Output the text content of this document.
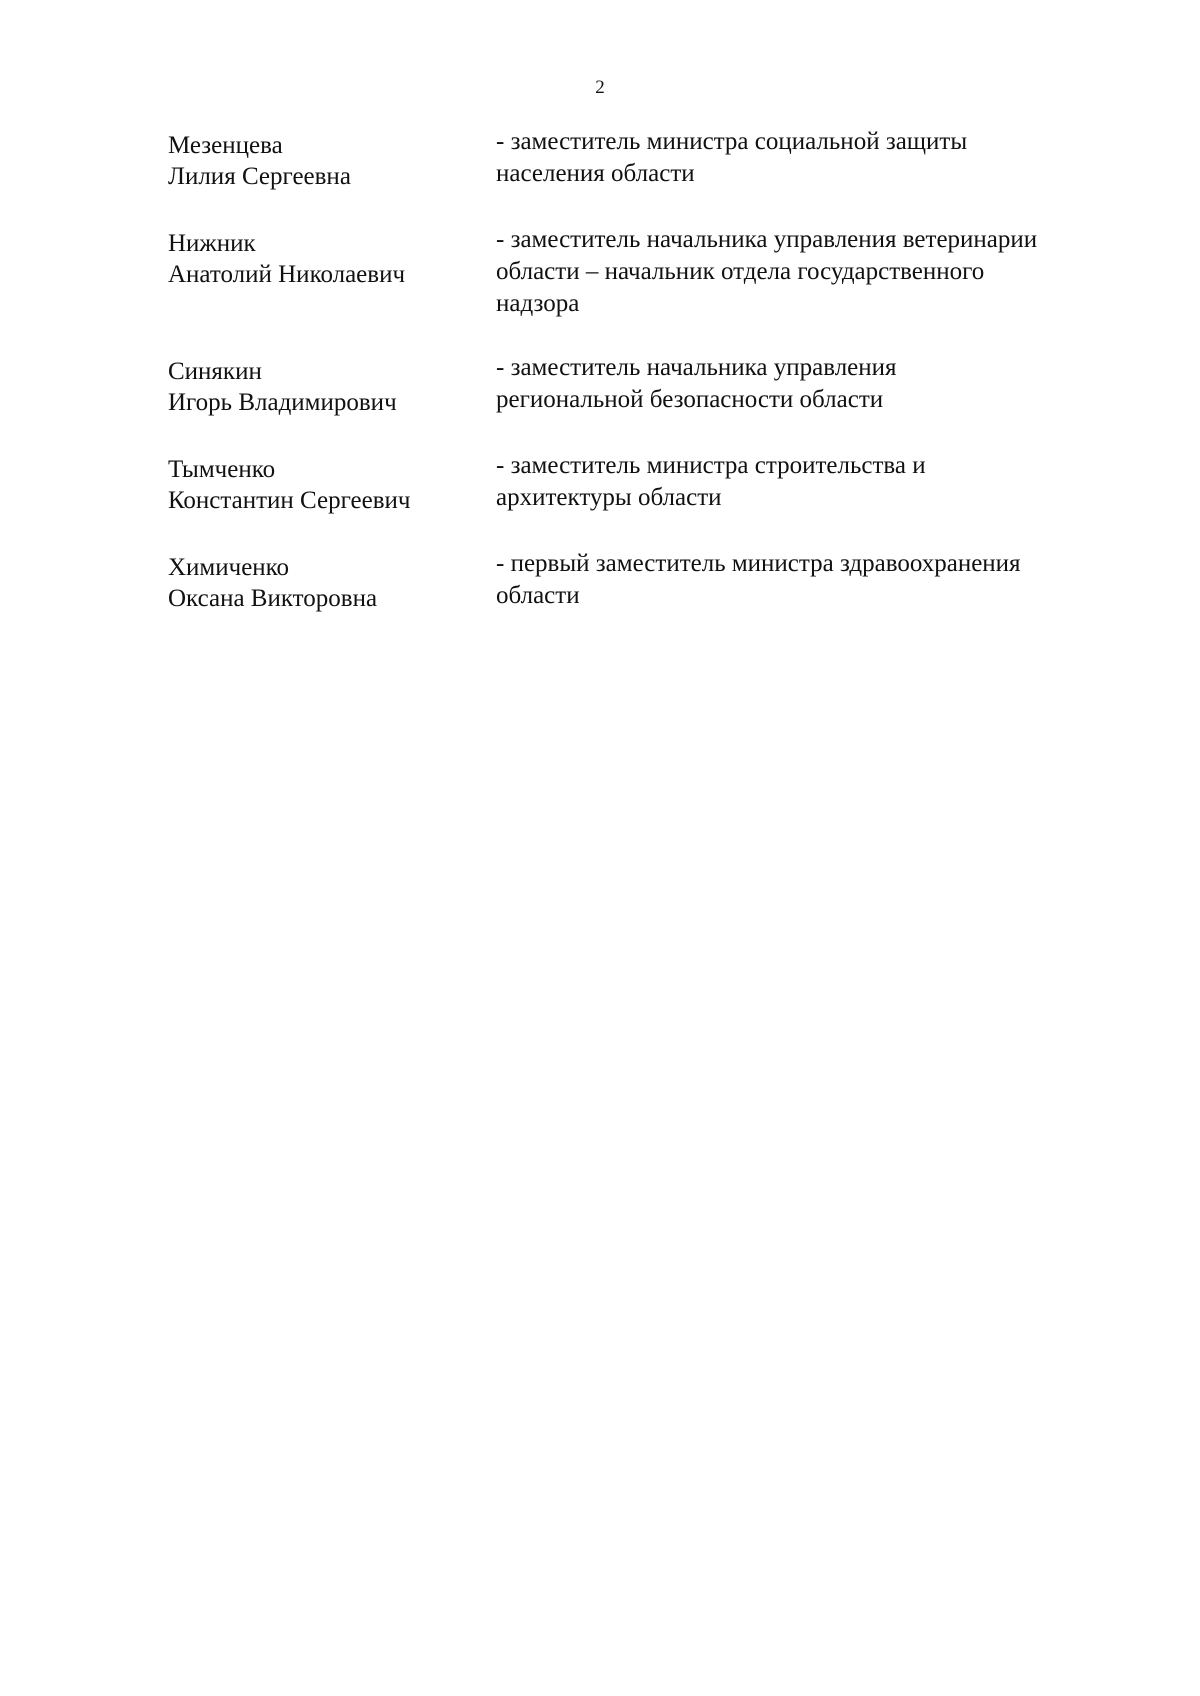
2
Мезенцева
Лилия Сергеевна
- заместитель министра социальной защиты
населения области
Нижник
Анатолий Николаевич
- заместитель начальника управления ветеринарии
области – начальник отдела государственного
надзора
Синякин
Игорь Владимирович
- заместитель начальника управления
региональной безопасности области
Тымченко
Константин Сергеевич
- заместитель министра строительства и
архитектуры области
Химиченко
Оксана Викторовна
- первый заместитель министра здравоохранения
области
